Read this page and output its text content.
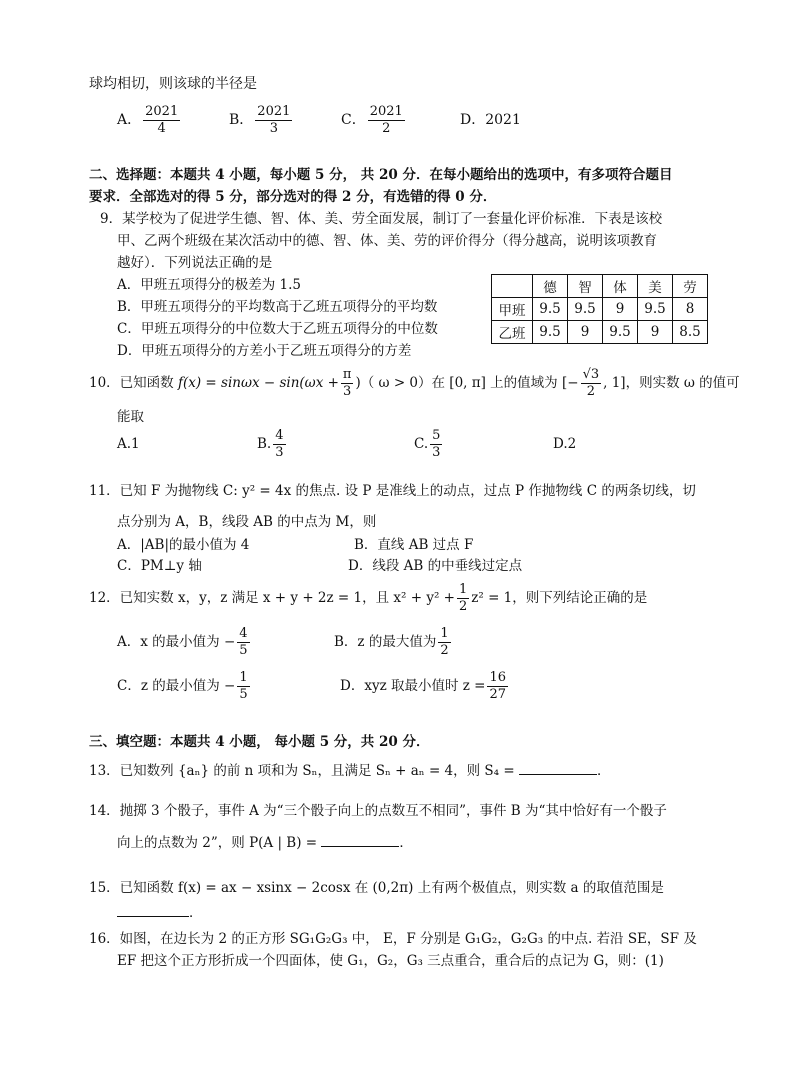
球均相切，则该球的半径是
A． $\frac{2021}{4}$	B． $\frac{2021}{3}$	C． $\frac{2021}{2}$	D．2021
二、选择题：本题共 4 小题，每小题 5 分， 共 20 分．在每小题给出的选项中，有多项符合题目
要求．全部选对的得 5 分，部分选对的得 2 分，有选错的得 0 分．
9．某学校为了促进学生德、智、体、美、劳全面发展，制订了一套量化评价标准．下表是该校
甲、乙两个班级在某次活动中的德、智、体、美、劳的评价得分（得分越高，说明该项教育
越好）．下列说法正确的是
A．甲班五项得分的极差为 1.5
B．甲班五项得分的平均数高于乙班五项得分的平均数
C．甲班五项得分的中位数大于乙班五项得分的中位数
D．甲班五项得分的方差小于乙班五项得分的方差
	德	智	体	美	劳
甲班	9.5	9.5	9	9.5	8
乙班	9.5	9	9.5	9	8.5
10．已知函数 $f(x) = \sin\omega x - \sin(\omega x + \frac{\pi}{3}$ )（ ω > 0）在 [0, π] 上的值域为 [− $\frac{√3}{2}$ , 1]，则实数 ω 的值可
能取
A.1	B. $\frac{4}{3}$	C. $\frac{5}{3}$	D.2
11．已知 F 为抛物线 C: y² = 4x 的焦点. 设 P 是准线上的动点，过点 P 作抛物线 C 的两条切线，切
点分别为 A，B，线段 AB 的中点为 M，则
A．|AB|的最小值为 4	B．直线 AB 过点 F
C．PM⊥y 轴	D．线段 AB 的中垂线过定点
12．已知实数 x，y，z 满足 x + y + 2z = 1，且 $x^2 + y^2 + \frac{1}{2} z^2 = 1$，则下列结论正确的是
A．x 的最小值为 − $\frac{4}{5}$	B．z 的最大值为 $\frac{1}{2}$
C．z 的最小值为 − $\frac{1}{5}$	D．xyz 取最小值时 $z = \frac{16}{27}$
三、填空题：本题共 4 小题， 每小题 5 分，共 20 分．
13．已知数列 {aₙ} 的前 n 项和为 Sₙ，且满足 Sₙ + aₙ = 4，则 S₄ =	．
14．抛掷 3 个骰子，事件 A 为“三个骰子向上的点数互不相同”，事件 B 为“其中恰好有一个骰子
向上的点数为 2”，则 P(A | B) =	．
15．已知函数 f(x) = ax − xsinx − 2cosx 在 (0,2π) 上有两个极值点，则实数 a 的取值范围是
．
16．如图，在边长为 2 的正方形 SG₁G₂G₃ 中， E，F 分别是 G₁G₂，G₂G₃ 的中点. 若沿 SE，SF 及
EF 把这个正方形折成一个四面体，使 G₁，G₂，G₃ 三点重合，重合后的点记为 G，则：(1)
